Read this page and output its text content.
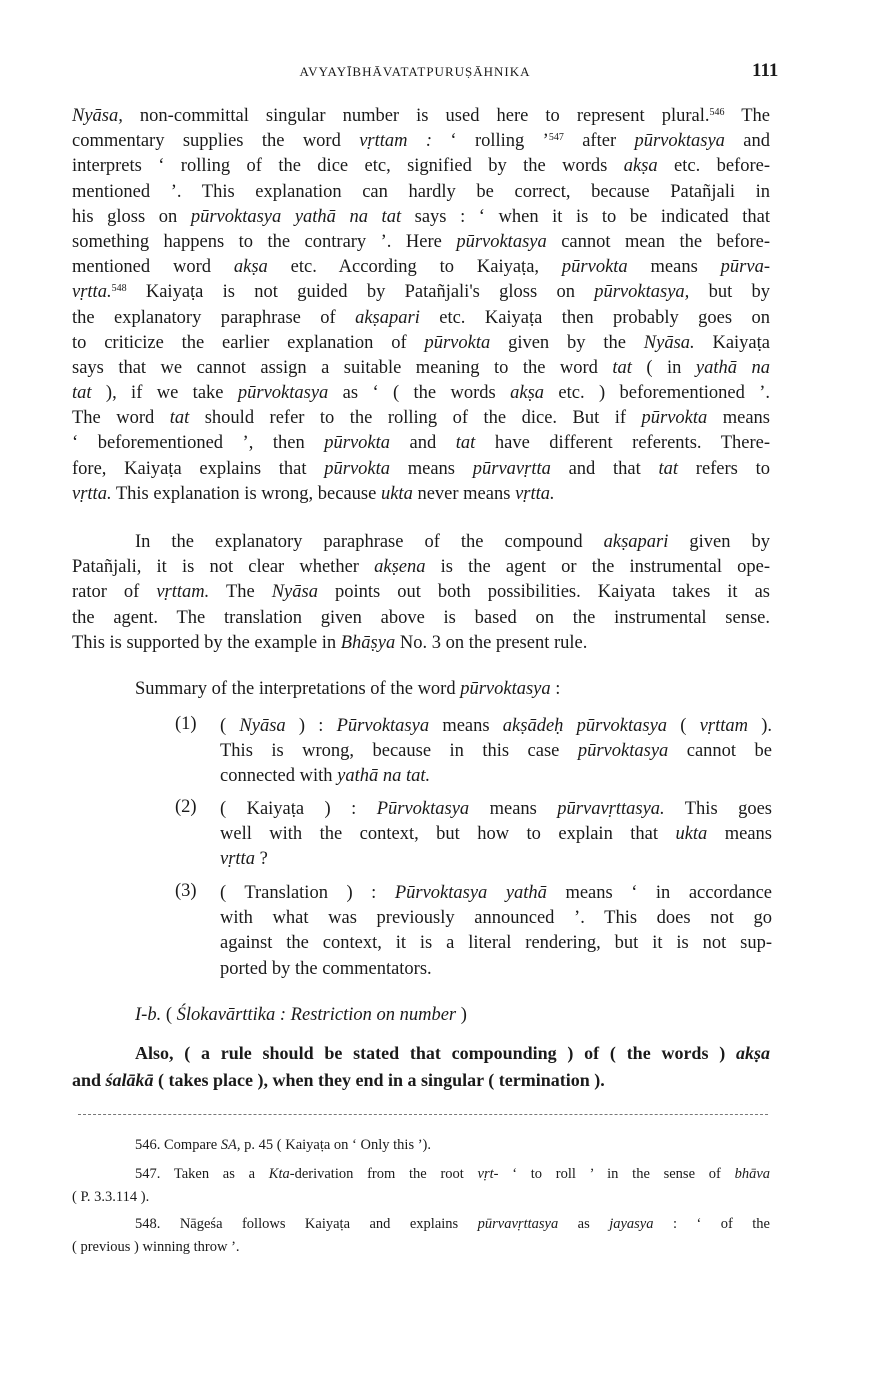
AVYAYĪBHĀVATATPURUṢĀHNIKA	111
Nyāsa, non-committal singular number is used here to represent plural.$^{546}$ The
commentary supplies the word vṛttam : ‘ rolling ’$^{547}$ after pūrvoktasya and
interprets ‘ rolling of the dice etc, signified by the words akṣa etc. before-
mentioned ’. This explanation can hardly be correct, because Patañjali in
his gloss on pūrvoktasya yathā na tat says : ‘ when it is to be indicated that
something happens to the contrary ’. Here pūrvoktasya cannot mean the before-
mentioned word akṣa etc. According to Kaiyaṭa, pūrvokta means pūrva-
vṛtta.$^{548}$ Kaiyaṭa is not guided by Patañjali's gloss on pūrvoktasya, but by
the explanatory paraphrase of akṣapari etc. Kaiyaṭa then probably goes on
to criticize the earlier explanation of pūrvokta given by the Nyāsa. Kaiyaṭa
says that we cannot assign a suitable meaning to the word tat ( in yathā na
tat ), if we take pūrvoktasya as ‘ ( the words akṣa etc. ) beforementioned ’.
The word tat should refer to the rolling of the dice. But if pūrvokta means
‘ beforementioned ’, then pūrvokta and tat have different referents. There-
fore, Kaiyaṭa explains that pūrvokta means pūrvavṛtta and that tat refers to
vṛtta. This explanation is wrong, because ukta never means vṛtta.
In the explanatory paraphrase of the compound akṣapari given by
Patañjali, it is not clear whether akṣena is the agent or the instrumental ope-
rator of vṛttam. The Nyāsa points out both possibilities. Kaiyata takes it as
the agent. The translation given above is based on the instrumental sense.
This is supported by the example in Bhāṣya No. 3 on the present rule.
Summary of the interpretations of the word pūrvoktasya :
(1) ( Nyāsa ) : Pūrvoktasya means akṣādeḥ pūrvoktasya ( vṛttam ).
This is wrong, because in this case pūrvoktasya cannot be
connected with yathā na tat.
(2) ( Kaiyaṭa ) : Pūrvoktasya means pūrvavṛttasya. This goes
well with the context, but how to explain that ukta means
vṛtta ?
(3) ( Translation ) : Pūrvoktasya yathā means ‘ in accordance
with what was previously announced ’. This does not go
against the context, it is a literal rendering, but it is not sup-
ported by the commentators.
I-b. ( Ślokavārttika : Restriction on number )
Also, ( a rule should be stated that compounding ) of ( the words ) akṣa
and śalākā ( takes place ), when they end in a singular ( termination ).
546. Compare SA, p. 45 ( Kaiyaṭa on ‘ Only this ’).
547. Taken as a Kta-derivation from the root vṛt- ‘ to roll ’ in the sense of bhāva
( P. 3.3.114 ).
548. Nāgeśa follows Kaiyaṭa and explains pūrvavṛttasya as jayasya : ‘ of the
( previous ) winning throw ’.
